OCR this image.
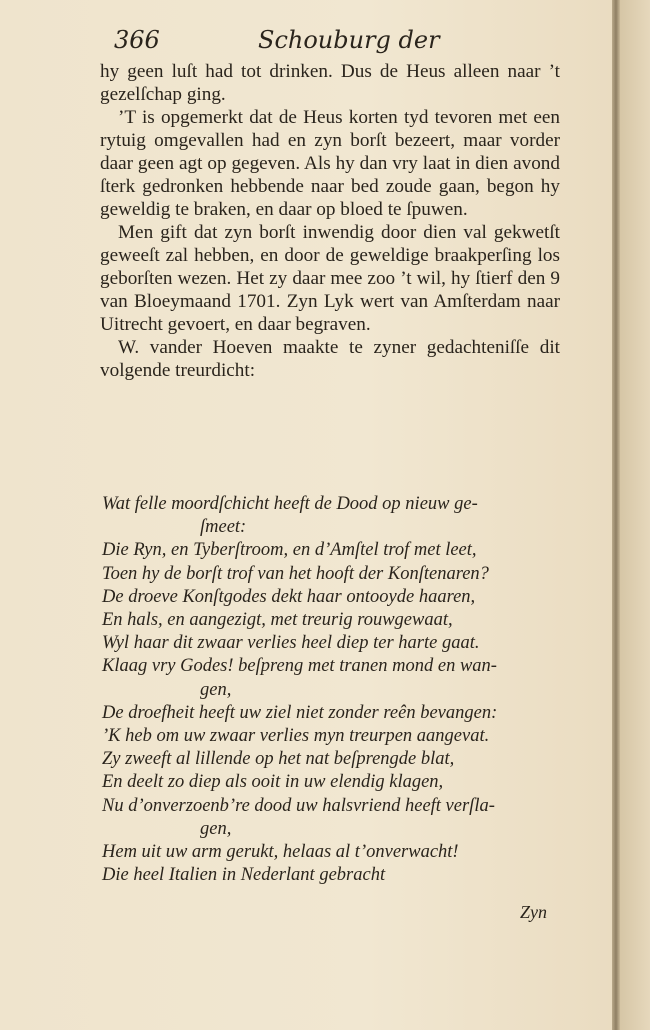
366	Schouburg der

hy geen luſt had tot drinken. Dus de Heus alleen naar ’t gezelſchap ging.

’T is opgemerkt dat de Heus korten tyd tevoren met een rytuig omgevallen had en zyn borſt bezeert, maar vorder daar geen agt op gegeven. Als hy dan vry laat in dien avond ſterk gedronken hebbende naar bed zoude gaan, begon hy geweldig te braken, en daar op bloed te ſpuwen.

Men gift dat zyn borſt inwendig door dien val gekwetſt geweeſt zal hebben, en door de geweldige braakperſing los geborſten wezen. Het zy daar mee zoo ’t wil, hy ſtierf den 9 van Bloeymaand 1701. Zyn Lyk wert van Amſterdam naar Uitrecht gevoert, en daar begraven.

W. vander Hoeven maakte te zyner gedachteniſſe dit volgende treurdicht:

Wat felle moordſchicht heeft de Dood op nieuw ge-
ſmeet:
Die Ryn, en Tyberſtroom, en d’Amſtel trof met leet,
Toen hy de borſt trof van het hooft der Konſtenaren?
De droeve Konſtgodes dekt haar ontooyde haaren,
En hals, en aangezigt, met treurig rouwgewaat,
Wyl haar dit zwaar verlies heel diep ter harte gaat.
Klaag vry Godes! beſpreng met tranen mond en wan-
gen,
De droefheit heeft uw ziel niet zonder reên bevangen:
’K heb om uw zwaar verlies myn treurpen aangevat.
Zy zweeft al lillende op het nat beſprengde blat,
En deelt zo diep als ooit in uw elendig klagen,
Nu d’onverzoenb’re dood uw halsvriend heeft verſla-
gen,
Hem uit uw arm gerukt, helaas al t’onverwacht!
Die heel Italien in Nederlant gebracht
Zyn
